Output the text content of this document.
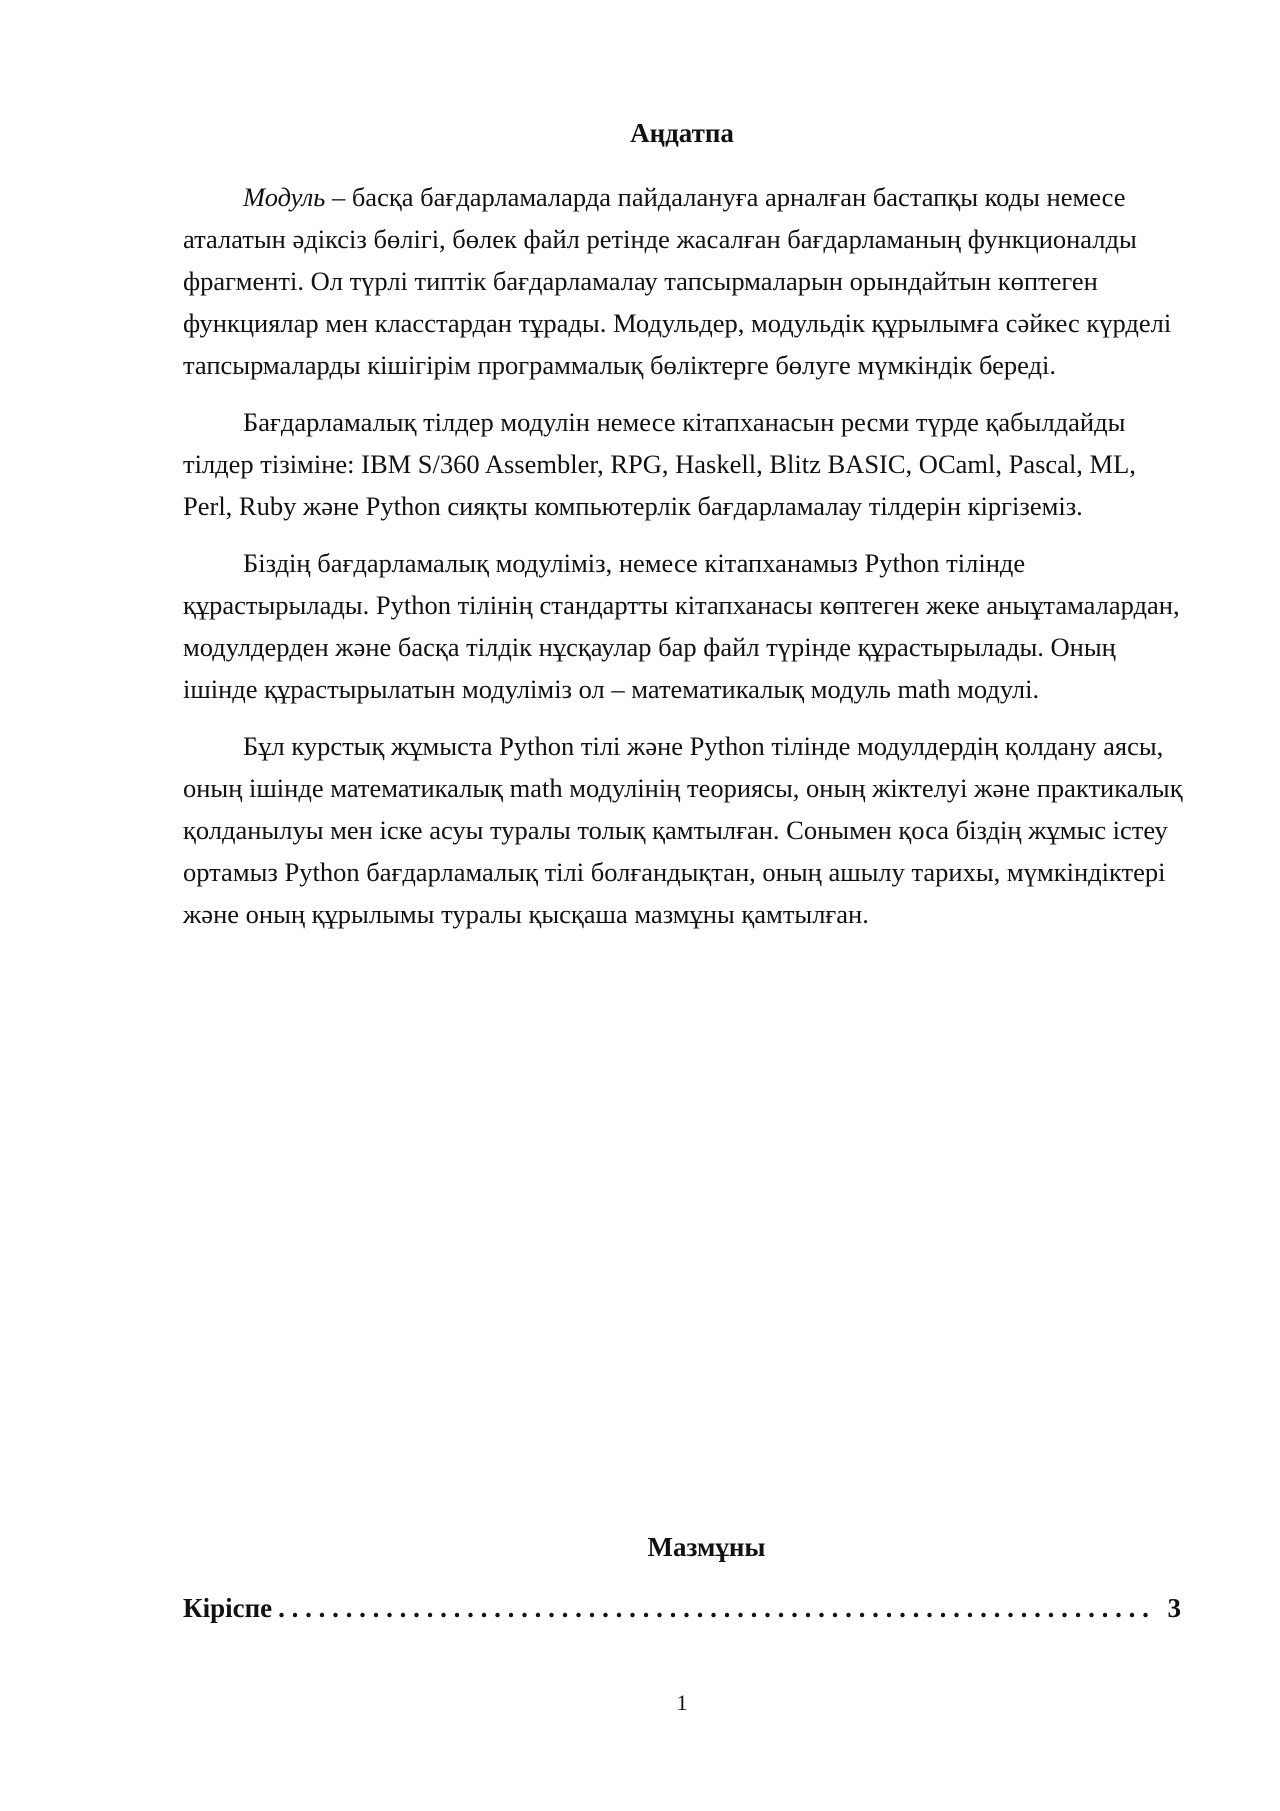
Аңдатпа

Модуль – басқа бағдарламаларда пайдалануға арналған бастапқы коды немесе аталатын әдіксіз бөлігі, бөлек файл ретінде жасалған бағдарламаның функционалды фрагменті. Ол түрлі типтік бағдарламалау тапсырмаларын орындайтын көптеген функциялар мен класстардан тұрады. Модульдер, модульдік құрылымға сәйкес күрделі тапсырмаларды кішігірім программалық бөліктерге бөлуге мүмкіндік береді.

Бағдарламалық тілдер модулін немесе кітапханасын ресми түрде қабылдайды тілдер тізіміне: IBM S/360 Assembler, RPG, Haskell, Blitz BASIC, OCaml, Pascal, ML, Perl, Ruby және Python сияқты компьютерлік бағдарламалау тілдерін кіргіземіз.

Біздің бағдарламалық модуліміз, немесе кітапханамыз Python тілінде құрастырылады. Python тілінің стандартты кітапханасы көптеген жеке аныұтамалардан, модулдерден және басқа тілдік нұсқаулар бар файл түрінде құрастырылады. Оның ішінде құрастырылатын модуліміз ол – математикалық модуль math модулі.

Бұл курстық жұмыста Python тілі және Python тілінде модулдердің қолдану аясы, оның ішінде математикалық math модулінің теориясы, оның жіктелуі және практикалық қолданылуы мен іске асуы туралы толық қамтылған. Сонымен қоса біздің жұмыс істеу ортамыз Python бағдарламалық тілі болғандықтан, оның ашылу тарихы, мүмкіндіктері және оның құрылымы туралы қысқаша мазмұны қамтылған.

Мазмұны
Кіріспе
. . .	3
1
